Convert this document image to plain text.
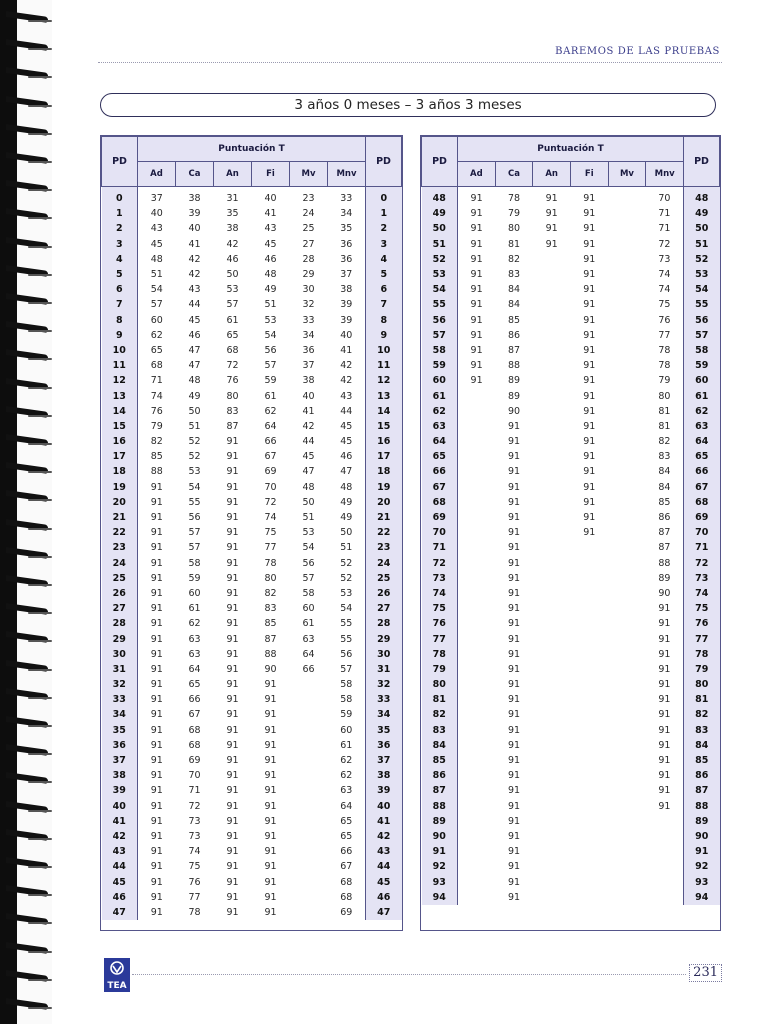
BAREMOS DE LAS PRUEBAS
3 años 0 meses – 3 años 3 meses
PD	Puntuación T						PD
	Ad	Ca	An	Fi	Mv	Mnv	
0	37	38	31	40	23	33	0
1	40	39	35	41	24	34	1
2	43	40	38	43	25	35	2
3	45	41	42	45	27	36	3
4	48	42	46	46	28	36	4
5	51	42	50	48	29	37	5
6	54	43	53	49	30	38	6
7	57	44	57	51	32	39	7
8	60	45	61	53	33	39	8
9	62	46	65	54	34	40	9
10	65	47	68	56	36	41	10
11	68	47	72	57	37	42	11
12	71	48	76	59	38	42	12
13	74	49	80	61	40	43	13
14	76	50	83	62	41	44	14
15	79	51	87	64	42	45	15
16	82	52	91	66	44	45	16
17	85	52	91	67	45	46	17
18	88	53	91	69	47	47	18
19	91	54	91	70	48	48	19
20	91	55	91	72	50	49	20
21	91	56	91	74	51	49	21
22	91	57	91	75	53	50	22
23	91	57	91	77	54	51	23
24	91	58	91	78	56	52	24
25	91	59	91	80	57	52	25
26	91	60	91	82	58	53	26
27	91	61	91	83	60	54	27
28	91	62	91	85	61	55	28
29	91	63	91	87	63	55	29
30	91	63	91	88	64	56	30
31	91	64	91	90	66	57	31
32	91	65	91	91		58	32
33	91	66	91	91		58	33
34	91	67	91	91		59	34
35	91	68	91	91		60	35
36	91	68	91	91		61	36
37	91	69	91	91		62	37
38	91	70	91	91		62	38
39	91	71	91	91		63	39
40	91	72	91	91		64	40
41	91	73	91	91		65	41
42	91	73	91	91		65	42
43	91	74	91	91		66	43
44	91	75	91	91		67	44
45	91	76	91	91		68	45
46	91	77	91	91		68	46
47	91	78	91	91		69	47
PD	Puntuación T						PD
	Ad	Ca	An	Fi	Mv	Mnv	
48	91	78	91	91		70	48
49	91	79	91	91		71	49
50	91	80	91	91		71	50
51	91	81	91	91		72	51
52	91	82		91		73	52
53	91	83		91		74	53
54	91	84		91		74	54
55	91	84		91		75	55
56	91	85		91		76	56
57	91	86		91		77	57
58	91	87		91		78	58
59	91	88		91		78	59
60	91	89		91		79	60
61		89		91		80	61
62		90		91		81	62
63		91		91		81	63
64		91		91		82	64
65		91		91		83	65
66		91		91		84	66
67		91		91		84	67
68		91		91		85	68
69		91		91		86	69
70		91		91		87	70
71		91				87	71
72		91				88	72
73		91				89	73
74		91				90	74
75		91				91	75
76		91				91	76
77		91				91	77
78		91				91	78
79		91				91	79
80		91				91	80
81		91				91	81
82		91				91	82
83		91				91	83
84		91				91	84
85		91				91	85
86		91				91	86
87		91				91	87
88		91				91	88
89		91					89
90		91					90
91		91					91
92		91					92
93		91					93
94		91					94
TEA
231
